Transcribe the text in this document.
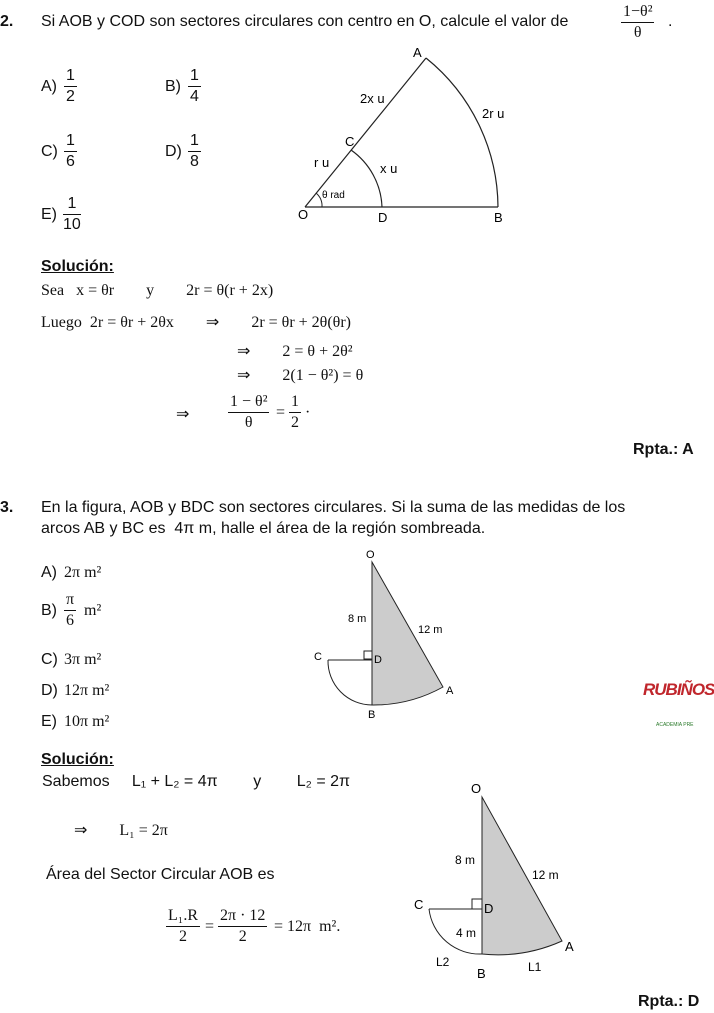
2. Si AOB y COD son sectores circulares con centro en O, calcule el valor de	$\frac{\text{1−θ²}}{\theta}$ .
$A) \frac{1}{2}$	$B) \frac{1}{4}$
$C) \frac{1}{6}$	$D) \frac{1}{8}$
$E) \frac{1}{10}$
A
B
C
D
O
2x u
2r u
r u	x u
θ rad
Solución:
Sea   x = θr        y        2r = θ(r + 2x)
Luego  2r = θr + 2θx        ⇒        2r = θr + 2θ(θr)
⇒        2 = θ + 2θ²
⇒        2(1 − θ²) = θ
⇒ $\frac{\text{1 − θ²}}{\theta} = \frac{1}{2}$ ·
Rpta.: A
3. En la figura, AOB y BDC son sectores circulares. Si la suma de las medidas de los
arcos AB y BC es  4π m, halle el área de la región sombreada.
A) 2π m²
$B) \frac{\pi}{6} m^2$
C) 3π m²
D) 12π m²
E) 10π m²
O
C	D
A
B
8 m
12 m
RUBIÑOS
ACADEMIA PRE
Solución:
Sabemos     L₁ + L₂ = 4π        y        L₂ = 2π
⇒        L₁ = 2π
Área del Sector Circular AOB es
$\frac{\text{L₁.R}}{2} = \frac{2\pi \cdot 12}{2} = 12\pi$  m².
O
C	D
A
B
8 m
12 m
4 m
L2	L1
Rpta.: D
